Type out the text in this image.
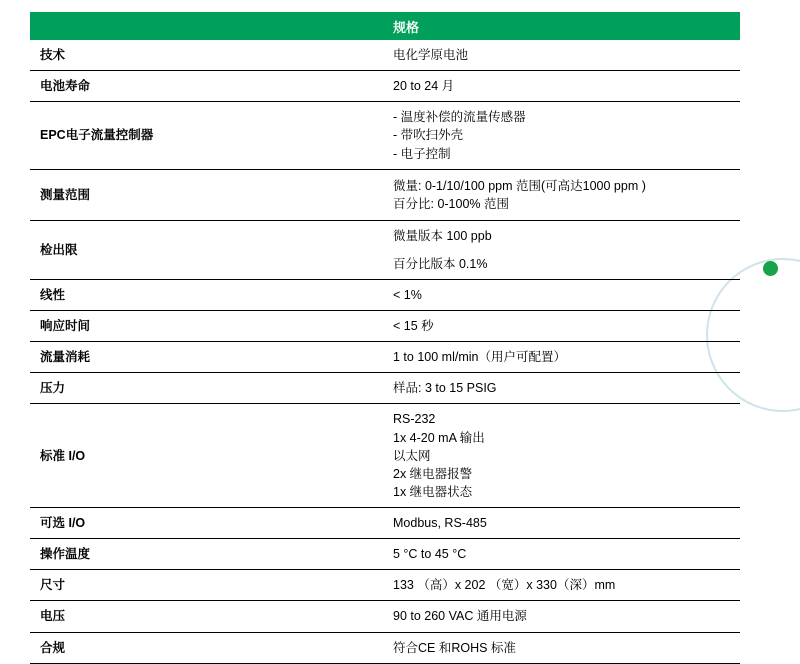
	规格
技术	电化学原电池

电池寿命	20 to 24 月

EPC电子流量控制器	- 温度补偿的流量传感器
- 带吹扫外壳
- 电子控制

测量范围	微量: 0-1/10/100 ppm 范围(可高达1000 ppm )
百分比: 0-100% 范围

检出限	微量版本 100 ppb
百分比版本 0.1%

线性	< 1%

响应时间	< 15 秒

流量消耗	1 to 100 ml/min（用户可配置）

压力	样品: 3 to 15 PSIG

标准 I/O	RS-232
1x 4-20 mA 输出
以太网
2x 继电器报警
1x 继电器状态

可选 I/O	Modbus, RS-485

操作温度	5 °C to 45 °C

尺寸	133 （高）x 202 （宽）x 330（深）mm

电压	90 to 260 VAC 通用电源

合规	符合CE 和ROHS 标准
